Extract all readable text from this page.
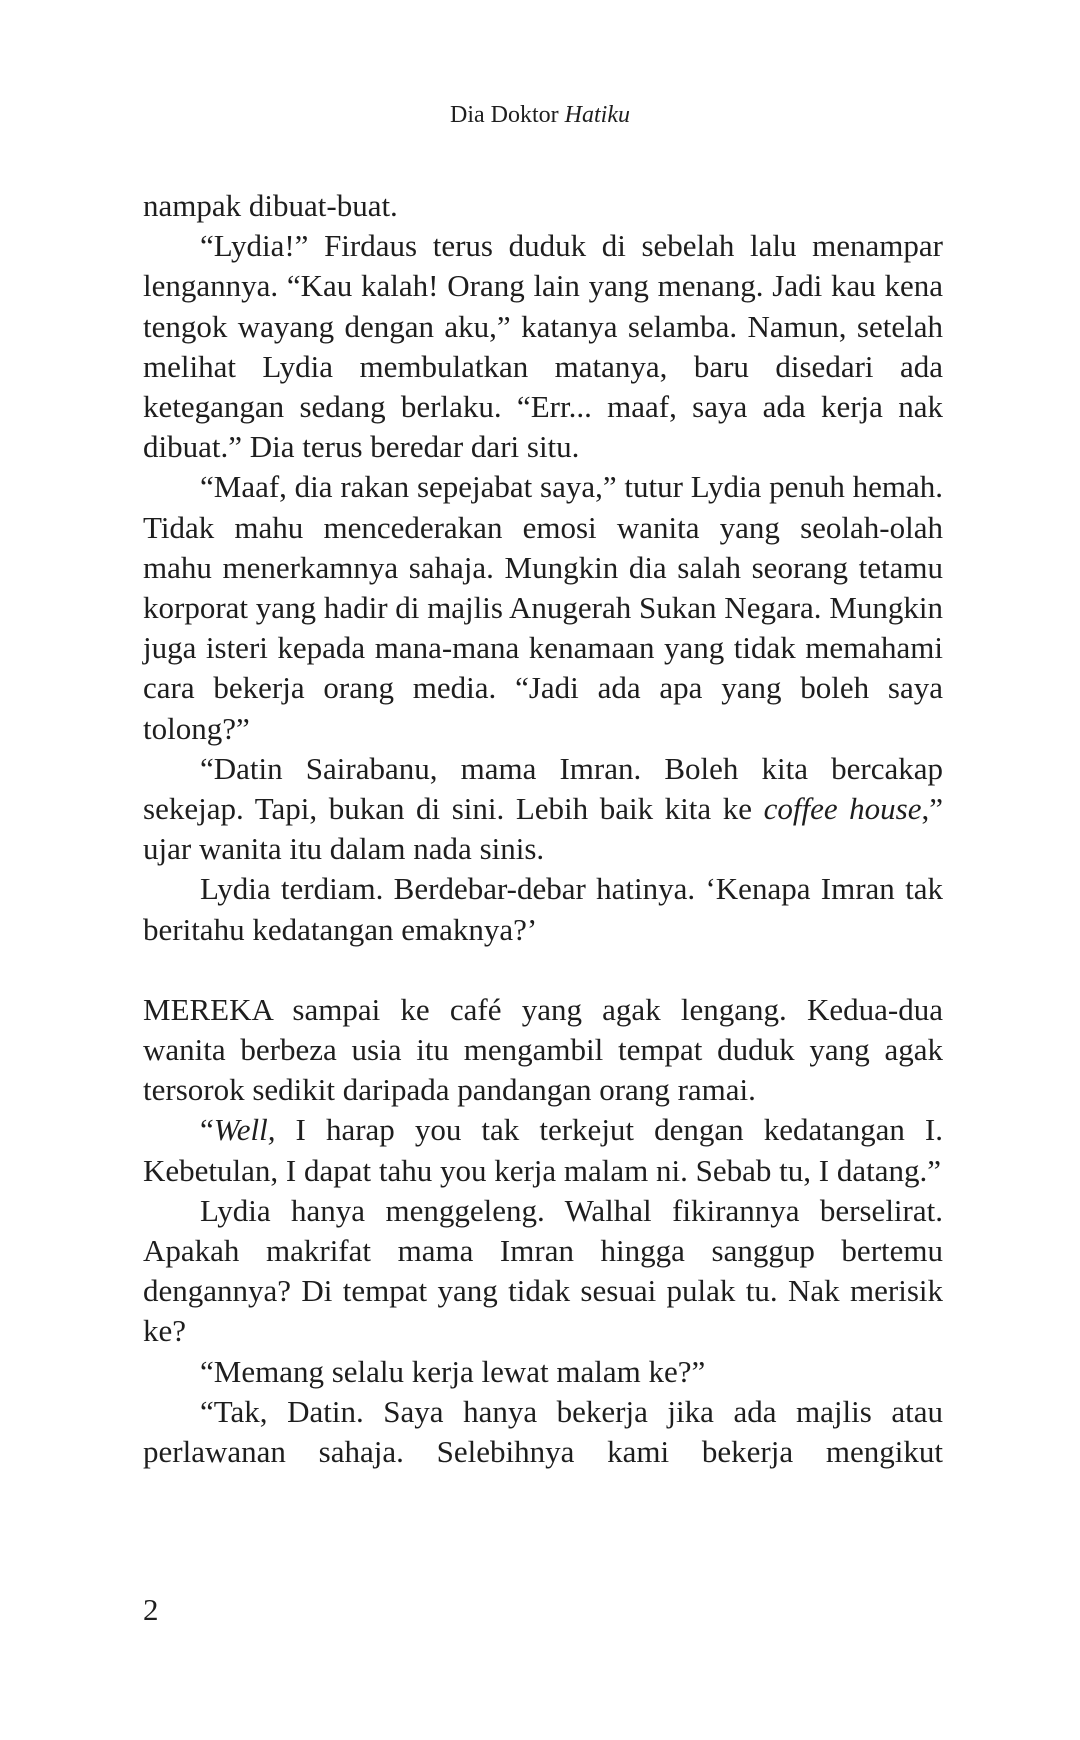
Dia Doktor Hatiku

nampak dibuat-buat.

“Lydia!” Firdaus terus duduk di sebelah lalu menampar lengannya. “Kau kalah! Orang lain yang menang. Jadi kau kena tengok wayang dengan aku,” katanya selamba. Namun, setelah melihat Lydia membulatkan matanya, baru disedari ada ketegangan sedang berlaku. “Err... maaf, saya ada kerja nak dibuat.” Dia terus beredar dari situ.

“Maaf, dia rakan sepejabat saya,” tutur Lydia penuh hemah. Tidak mahu mencederakan emosi wanita yang seolah-olah mahu menerkamnya sahaja. Mungkin dia salah seorang tetamu korporat yang hadir di majlis Anugerah Sukan Negara. Mungkin juga isteri kepada mana-mana kenamaan yang tidak memahami cara bekerja orang media. “Jadi ada apa yang boleh saya tolong?”

“Datin Sairabanu, mama Imran. Boleh kita bercakap sekejap. Tapi, bukan di sini. Lebih baik kita ke coffee house,” ujar wanita itu dalam nada sinis.

Lydia terdiam. Berdebar-debar hatinya. ‘Kenapa Imran tak beritahu kedatangan emaknya?’

MEREKA sampai ke café yang agak lengang. Kedua-dua wanita berbeza usia itu mengambil tempat duduk yang agak tersorok sedikit daripada pandangan orang ramai.

“Well, I harap you tak terkejut dengan kedatangan I. Kebetulan, I dapat tahu you kerja malam ni. Sebab tu, I datang.”

Lydia hanya menggeleng. Walhal fikirannya berselirat. Apakah makrifat mama Imran hingga sanggup bertemu dengannya? Di tempat yang tidak sesuai pulak tu. Nak merisik ke?

“Memang selalu kerja lewat malam ke?”

“Tak, Datin. Saya hanya bekerja jika ada majlis atau perlawanan sahaja. Selebihnya kami bekerja mengikut

2
